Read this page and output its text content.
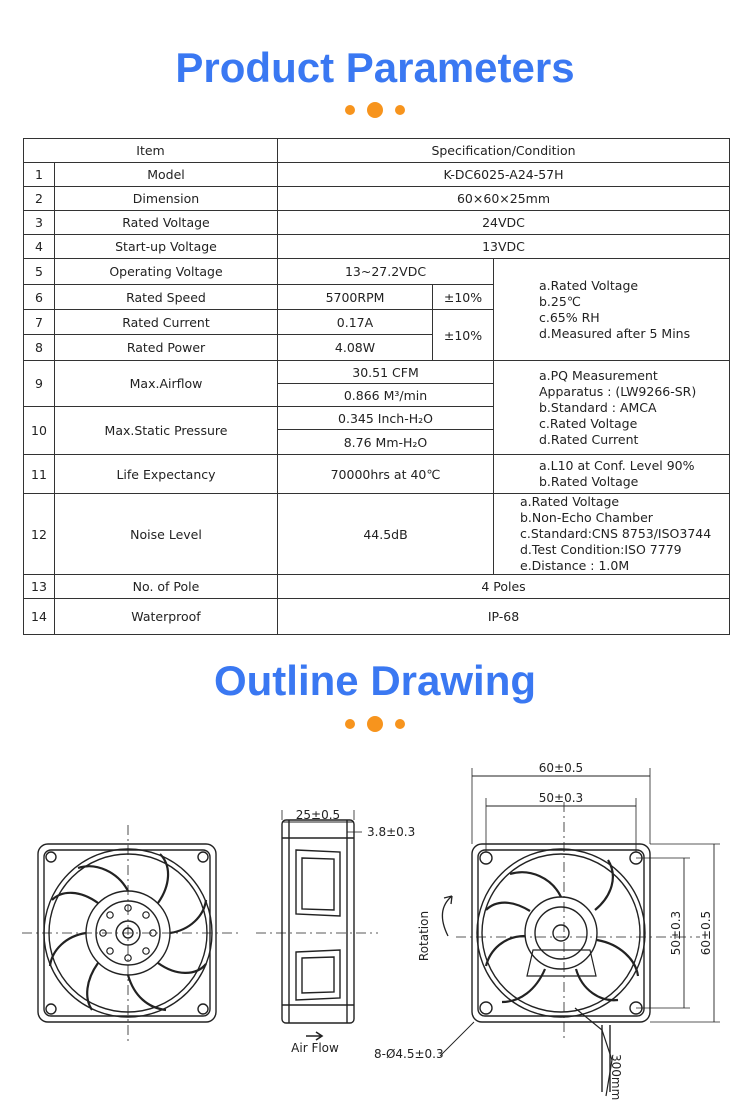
Product Parameters
Item		Specification/Condition		
1	Model	K-DC6025-A24-57H		
2	Dimension	60×60×25mm		
3	Rated Voltage	24VDC		
4	Start-up Voltage	13VDC		
5	Operating Voltage	13~27.2VDC		a.Rated Voltage
b.25℃
c.65% RH
d.Measured after 5 Mins

6	Rated Speed	5700RPM	±10%	
7	Rated Current	0.17A	±10%	
8	Rated Power	4.08W		
9	Max.Airflow	30.51 CFM		a.PQ Measurement
Apparatus : (LW9266-SR)
b.Standard : AMCA
c.Rated Voltage
d.Rated Current

		0.866 M³/min		
10	Max.Static Pressure	0.345 Inch-H₂O		
		8.76 Mm-H₂O		
11	Life Expectancy	70000hrs at 40℃		a.L10 at Conf. Level 90%
b.Rated Voltage

12	Noise Level	44.5dB		a.Rated Voltage
b.Non-Echo Chamber
c.Standard:CNS 8753/ISO3744
d.Test Condition:ISO 7779
e.Distance : 1.0M

13	No. of Pole	4 Poles		
14	Waterproof	IP-68		
Outline Drawing
25±0.5
3.8±0.3
Air Flow
60±0.5
50±0.3
50±0.3 60±0.5
Rotation
8-Ø4.5±0.3	300mm
